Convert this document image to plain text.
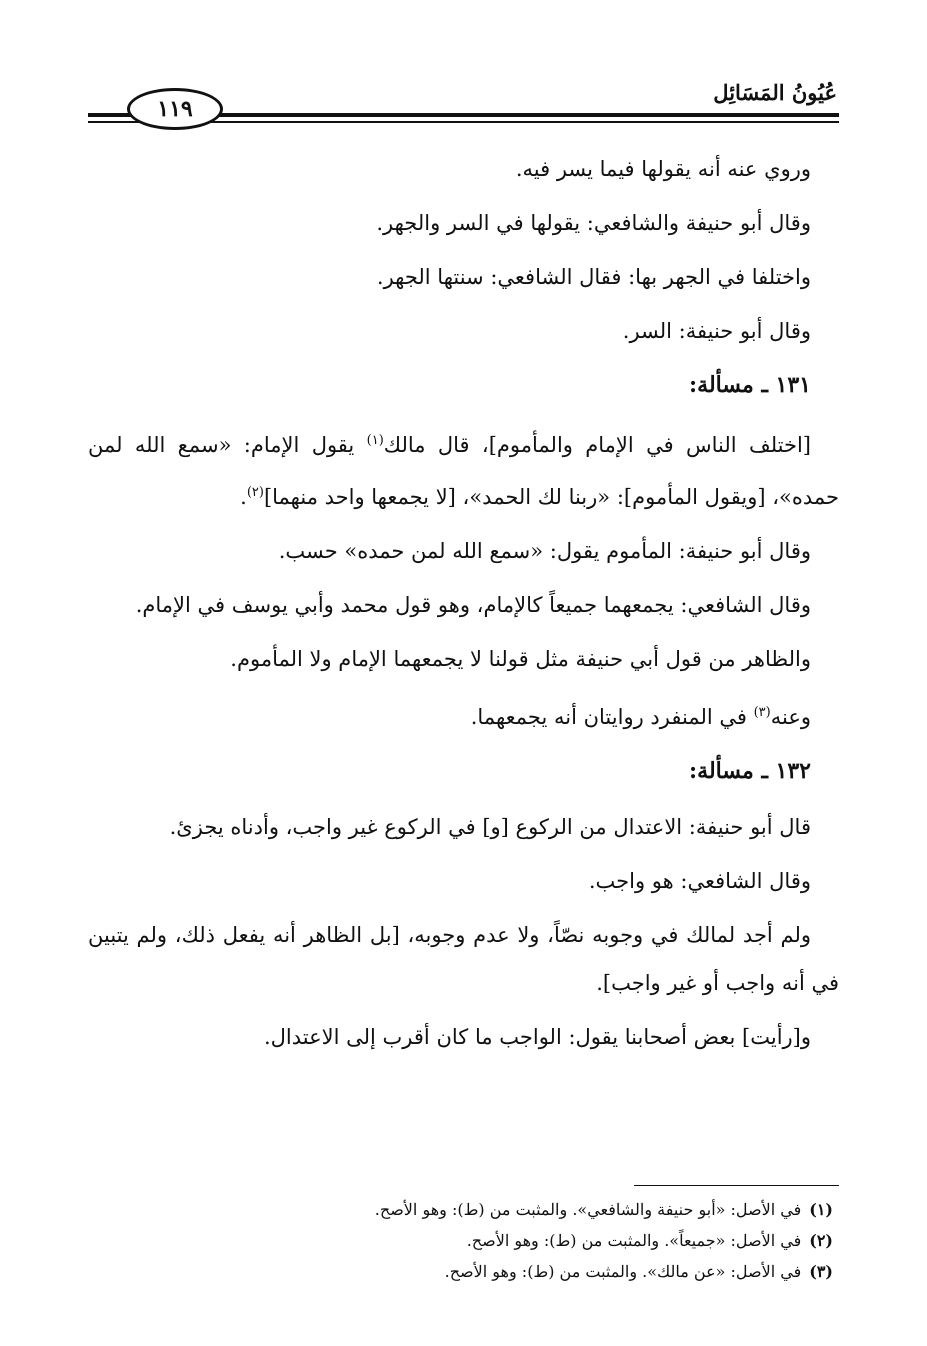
عُيُونُ المَسَائِل
١١٩

وروي عنه أنه يقولها فيما يسر فيه.

وقال أبو حنيفة والشافعي: يقولها في السر والجهر.

واختلفا في الجهر بها: فقال الشافعي: سنتها الجهر.

وقال أبو حنيفة: السر.

١٣١ ـ مسألة:

[اختلف الناس في الإمام والمأموم]، قال مالك$^{(١)}$ يقول الإمام: «سمع الله لمن حمده»، [ويقول المأموم]: «ربنا لك الحمد»، [لا يجمعها واحد منهما]$^{(٢)}$.

وقال أبو حنيفة: المأموم يقول: «سمع الله لمن حمده» حسب.

وقال الشافعي: يجمعهما جميعاً كالإمام، وهو قول محمد وأبي يوسف في الإمام.

والظاهر من قول أبي حنيفة مثل قولنا لا يجمعهما الإمام ولا المأموم.

وعنه$^{(٣)}$ في المنفرد روايتان أنه يجمعهما.

١٣٢ ـ مسألة:

قال أبو حنيفة: الاعتدال من الركوع [و] في الركوع غير واجب، وأدناه يجزئ.

وقال الشافعي: هو واجب.

ولم أجد لمالك في وجوبه نصّاً، ولا عدم وجوبه، [بل الظاهر أنه يفعل ذلك، ولم يتبين في أنه واجب أو غير واجب].

و[رأيت] بعض أصحابنا يقول: الواجب ما كان أقرب إلى الاعتدال.

(١)في الأصل: «أبو حنيفة والشافعي». والمثبت من (ط): وهو الأصح.

(٢)في الأصل: «جميعاً». والمثبت من (ط): وهو الأصح.

(٣)في الأصل: «عن مالك». والمثبت من (ط): وهو الأصح.
